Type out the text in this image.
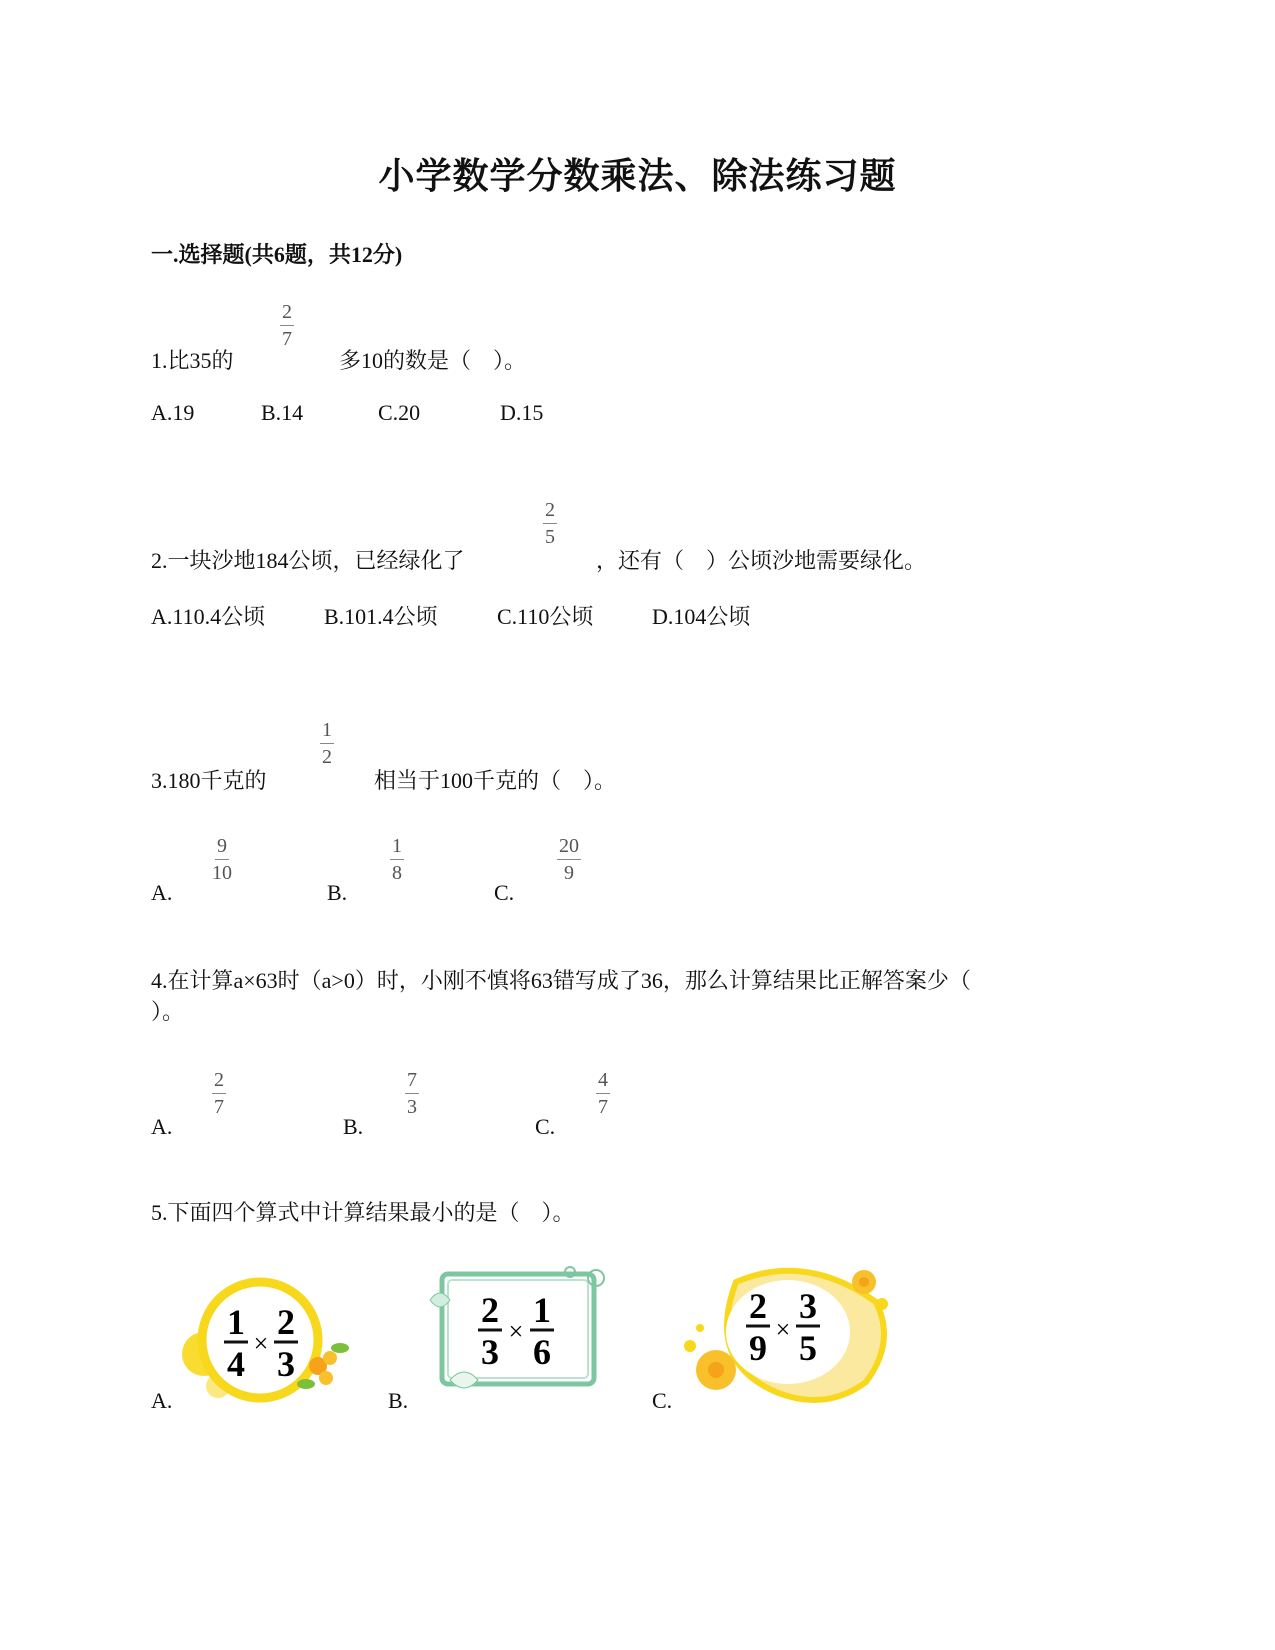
小学数学分数乘法、除法练习题
一.选择题(共6题，共12分)
1.比35的
$\frac{2}{7}$
多10的数是（　）。
A.19	B.14	C.20	D.15
2.一块沙地184公顷，已经绿化了
$\frac{2}{5}$
，还有（　）公顷沙地需要绿化。
A.110.4公顷	B.101.4公顷	C.110公顷	D.104公顷
3.180千克的
$\frac{1}{2}$
相当于100千克的（　）。
A.
$\frac{9}{10}$
B.
$\frac{1}{8}$
C.
$\frac{20}{9}$
4.在计算a×63时（a>0）时，小刚不慎将63错写成了36，那么计算结果比正解答案少（
）。
A.
$\frac{2}{7}$
B.
$\frac{7}{3}$
C.
$\frac{4}{7}$
5.下面四个算式中计算结果最小的是（　）。
A.
1
4
×
2
3
B.
2
3
×
1
6
C.
2
9 ×
3
5
